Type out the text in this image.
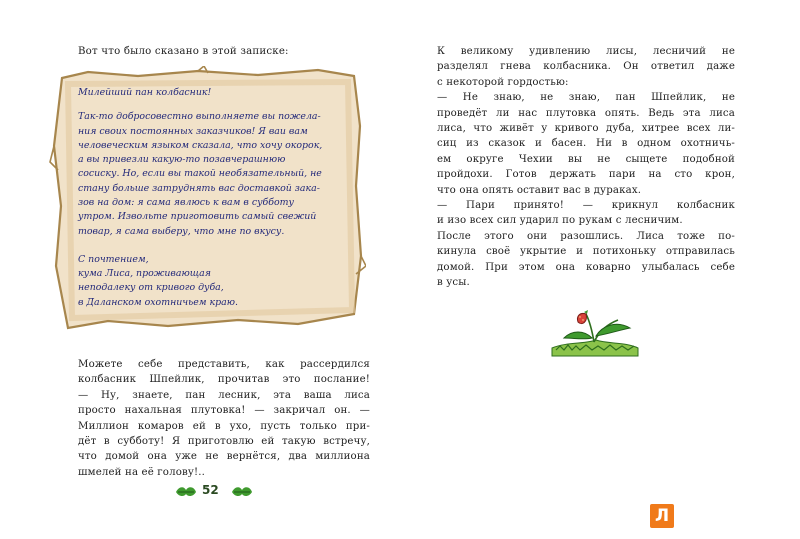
Вот что было сказано в этой записке:
Милейший пан колбасник!
Так-то добросовестно выполняете вы пожела-
ния своих постоянных заказчиков! Я ваи вам
человеческим языком сказала, что хочу окорок,
а вы привезли какую-то позавчерашнюю
сосиску. Но, если вы такой необязательный, не
стану больше затруднять вас доставкой зака-
зов на дом: я сама явлюсь к вам в субботу
утром. Извольте приготовить самый свежий
товар, я сама выберу, что мне по вкусу.
С почтением,
кума Лиса, проживающая
неподалеку от кривого дуба,
в Даланском охотничьем краю.
Можете себе представить, как рассердился
колбасник Шпейлик, прочитав это послание!
— Ну, знаете, пан лесник, эта ваша лиса
просто нахальная плутовка! — закричал он. —
Миллион комаров ей в ухо, пусть только при-
дёт в субботу! Я приготовлю ей такую встречу,
что домой она уже не вернётся, два миллиона
шмелей на её голову!..
52
К великому удивлению лисы, лесничий не
разделял гнева колбасника. Он ответил даже
с некоторой гордостью:
— Не знаю, не знаю, пан Шпейлик, не
проведёт ли нас плутовка опять. Ведь эта лиса
лиса, что живёт у кривого дуба, хитрее всех ли-
сиц из сказок и басен. Ни в одном охотничь-
ем округе Чехии вы не сыщете подобной
пройдохи. Готов держать пари на сто крон,
что она опять оставит вас в дураках.
— Пари принято! — крикнул колбасник
и изо всех сил ударил по рукам с лесничим.
После этого они разошлись. Лиса тоже по-
кинула своё укрытие и потихоньку отправилась
домой. При этом она коварно улыбалась себе
в усы.
Л
